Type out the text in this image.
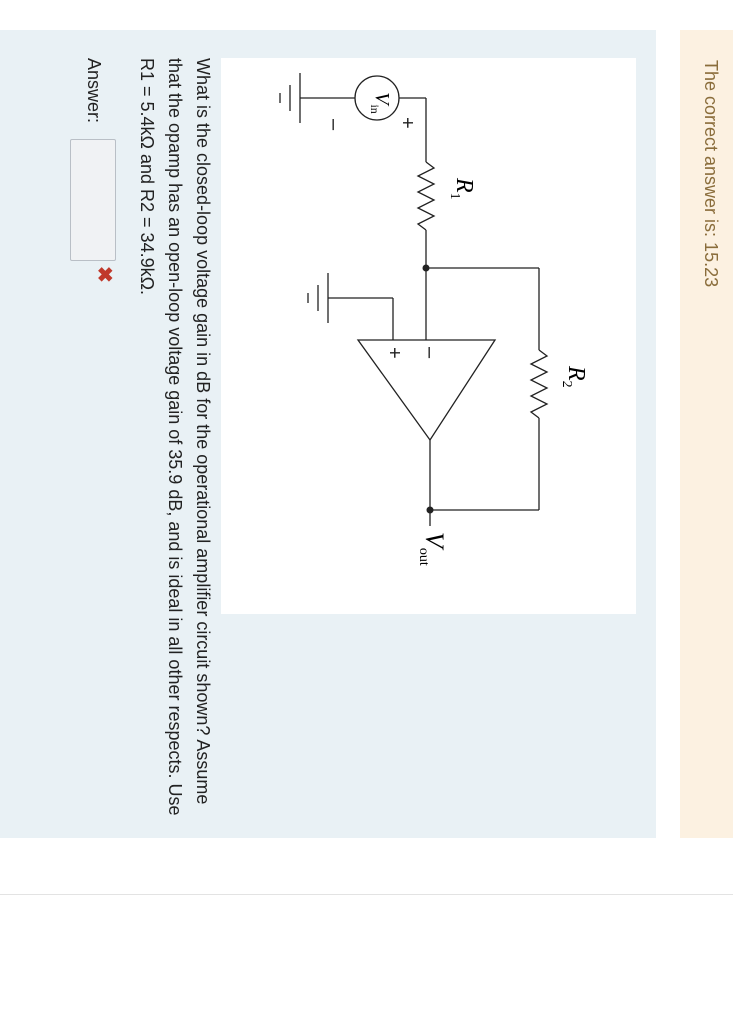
The correct answer is: 15.23
$V_{in}$
+
–
$R_1$
$R_2$
–
+
$V_{out}$

What is the closed-loop voltage gain in dB for the operational amplifier circuit shown? Assume that the opamp has an open-loop voltage gain of 35.9 dB, and is ideal in all other respects. Use R1 = 5.4kΩ and R2 = 34.9kΩ.

Answer:
✖
